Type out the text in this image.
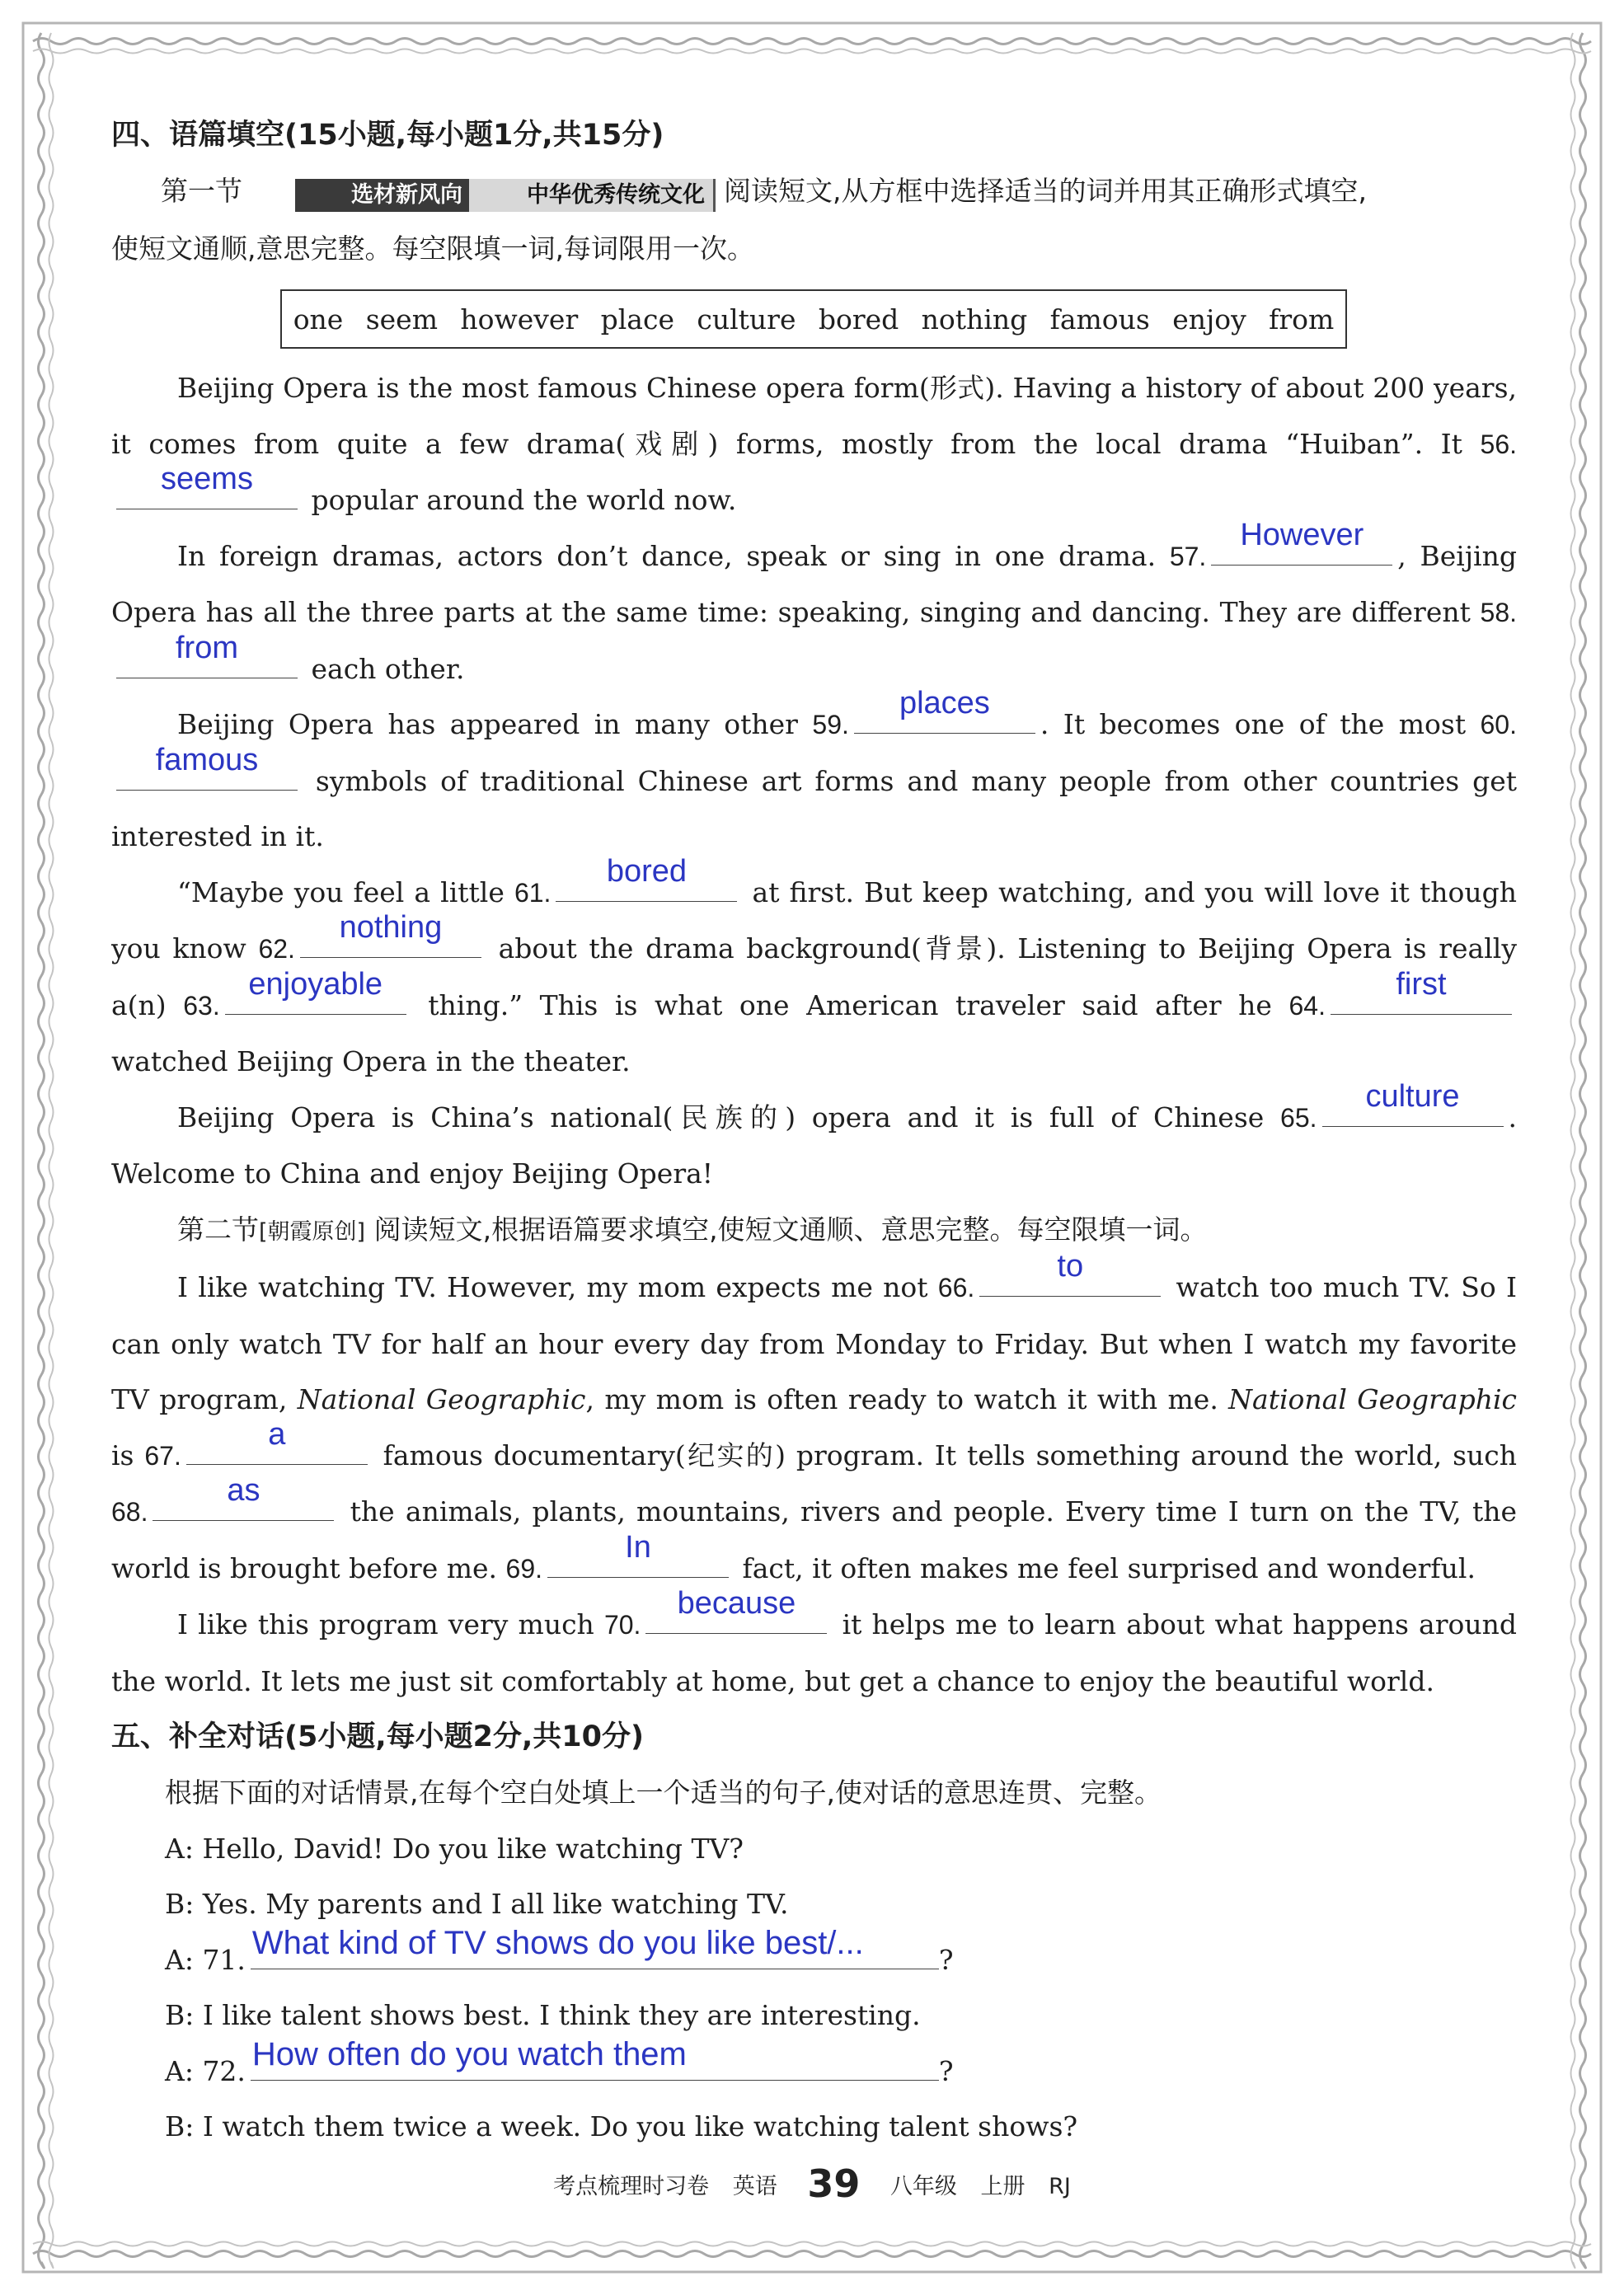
四、语篇填空(15小题,每小题1分,共15分)

第一节	选材新风向	中华优秀传统文化 阅读短文,从方框中选择适当的词并用其正确形式填空,

使短文通顺,意思完整。每空限填一词,每词限用一次。

one seem however place culture bored nothing famous enjoy from

Beijing Opera is the most famous Chinese opera form(形式). Having a history of about 200 years, it comes from quite a few drama(戏剧) forms, mostly from the local drama “Huiban”. It 56.
seems
popular around the world now.

In foreign dramas, actors don’t dance, speak or sing in one drama. 57.
However
, Beijing Opera has all the three parts at the same time: speaking, singing and dancing. They are different 58.
from
each other.

Beijing Opera has appeared in many other 59.
places
. It becomes one of the most 60.
famous
symbols of traditional Chinese art forms and many people from other countries get interested in it.

“Maybe you feel a little 61.
bored
at first. But keep watching, and you will love it though you know 62.
nothing
about the drama background(背景). Listening to Beijing Opera is really a(n) 63.
enjoyable
thing.” This is what one American traveler said after he 64.
first
watched Beijing Opera in the theater.

Beijing Opera is China’s national(民族的) opera and it is full of Chinese 65.
culture
. Welcome to China and enjoy Beijing Opera!

第二节[朝霞原创] 阅读短文,根据语篇要求填空,使短文通顺、意思完整。每空限填一词。

I like watching TV. However, my mom expects me not 66.
to
watch too much TV. So I can only watch TV for half an hour every day from Monday to Friday. But when I watch my favorite TV program, National Geographic, my mom is often ready to watch it with me. National Geographic is 67.
a
famous documentary(纪实的) program. It tells something around the world, such 68.
as
the animals, plants, mountains, rivers and people. Every time I turn on the TV, the world is brought before me. 69.
In
fact, it often makes me feel surprised and wonderful.

I like this program very much 70.
because
it helps me to learn about what happens around the world. It lets me just sit comfortably at home, but get a chance to enjoy the beautiful world.

五、补全对话(5小题,每小题2分,共10分)

根据下面的对话情景,在每个空白处填上一个适当的句子,使对话的意思连贯、完整。

A: Hello, David! Do you like watching TV?

B: Yes. My parents and I all like watching TV.

A: 71. What kind of TV shows do you like best/...	?

B: I like talent shows best. I think they are interesting.

A: 72. How often do you watch them	?

B: I watch them twice a week. Do you like watching talent shows?

考点梳理时习卷 英语 39 八年级 上册 RJ
